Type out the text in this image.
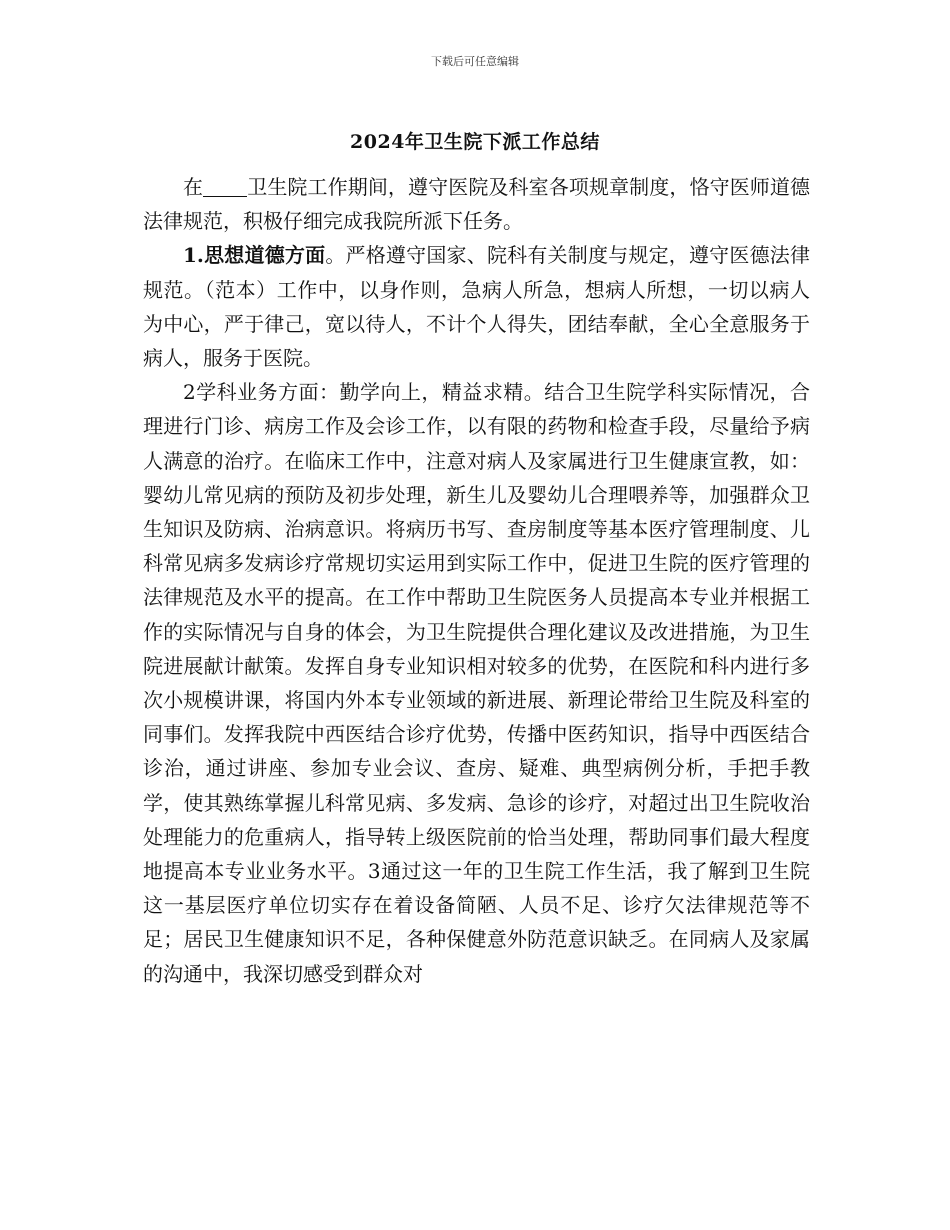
下载后可任意编辑
2024年卫生院下派工作总结

在 卫生院工作期间，遵守医院及科室各项规章制度，恪守医师道德法律规范，积极仔细完成我院所派下任务。

1.思想道德方面。严格遵守国家、院科有关制度与规定，遵守医德法律规范。（范本）工作中，以身作则，急病人所急，想病人所想，一切以病人为中心，严于律己，宽以待人，不计个人得失，团结奉献，全心全意服务于病人，服务于医院。

2学科业务方面：勤学向上，精益求精。结合卫生院学科实际情况，合理进行门诊、病房工作及会诊工作，以有限的药物和检查手段，尽量给予病人满意的治疗。在临床工作中，注意对病人及家属进行卫生健康宣教，如：婴幼儿常见病的预防及初步处理，新生儿及婴幼儿合理喂养等，加强群众卫生知识及防病、治病意识。将病历书写、查房制度等基本医疗管理制度、儿科常见病多发病诊疗常规切实运用到实际工作中，促进卫生院的医疗管理的法律规范及水平的提高。在工作中帮助卫生院医务人员提高本专业并根据工作的实际情况与自身的体会，为卫生院提供合理化建议及改进措施，为卫生院进展献计献策。发挥自身专业知识相对较多的优势，在医院和科内进行多次小规模讲课，将国内外本专业领域的新进展、新理论带给卫生院及科室的同事们。发挥我院中西医结合诊疗优势，传播中医药知识，指导中西医结合诊治，通过讲座、参加专业会议、查房、疑难、典型病例分析，手把手教学，使其熟练掌握儿科常见病、多发病、急诊的诊疗，对超过出卫生院收治处理能力的危重病人，指导转上级医院前的恰当处理，帮助同事们最大程度地提高本专业业务水平。3通过这一年的卫生院工作生活，我了解到卫生院这一基层医疗单位切实存在着设备简陋、人员不足、诊疗欠法律规范等不足；居民卫生健康知识不足，各种保健意外防范意识缺乏。在同病人及家属的沟通中，我深切感受到群众对
